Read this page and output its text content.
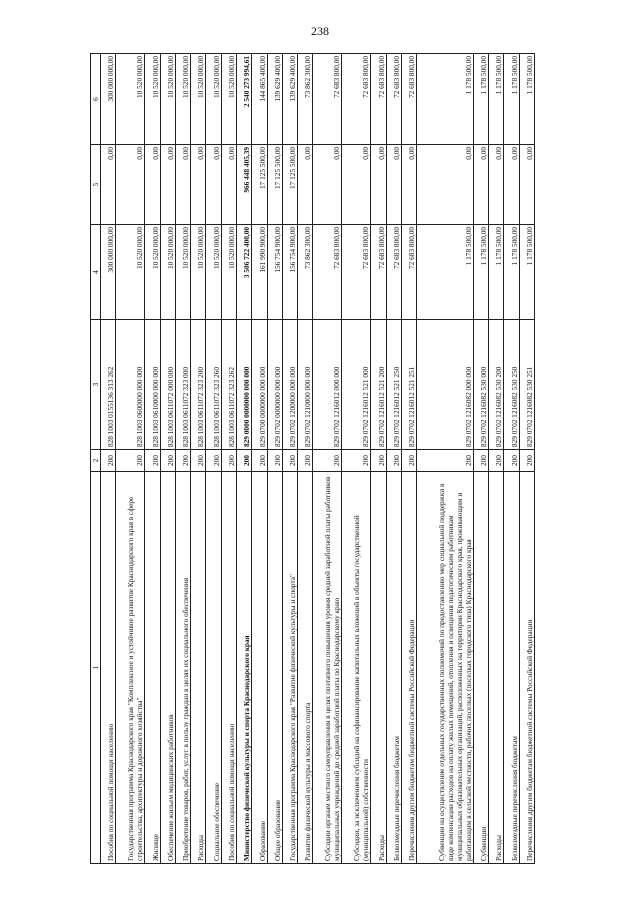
238
1	2	3	4	5	6
Пособия по социальной помощи населению	200	828 1003 0155136 313 262	300 000 000,00	0,00	300 000 000,00
Государственная программа Краснодарского края "Комплексное и устойчивое развитие Краснодарского края в сфере строительства, архитектуры и дорожного хозяйства"	200	828 1003 0600000 000 000	10 520 000,00	0,00	10 520 000,00
Жилище	200	828 1003 0610000 000 000	10 520 000,00	0,00	10 520 000,00
Обеспечение жильем медицинских работников	200	828 1003 0611072 000 000	10 520 000,00	0,00	10 520 000,00
Приобретение товаров, работ, услуг в пользу граждан в целях их социального обеспечения	200	828 1003 0611072 323 000	10 520 000,00	0,00	10 520 000,00
Расходы	200	828 1003 0611072 323 200	10 520 000,00	0,00	10 520 000,00
Социальное обеспечение	200	828 1003 0611072 323 260	10 520 000,00	0,00	10 520 000,00
Пособия по социальной помощи населению	200	828 1003 0611072 323 262	10 520 000,00	0,00	10 520 000,00
Министерство физической культуры и спорта Краснодарского края	200	829 0000 0000000 000 000	3 506 722 400,00	966 448 405,39	2 540 273 994,61
Образование	200	829 0700 0000000 000 000	161 990 900,00	17 125 500,00	144 865 400,00
Общее образование	200	829 0702 0000000 000 000	156 754 900,00	17 125 500,00	139 629 400,00
Государственная программа Краснодарского края "Развитие физической культуры и спорта"	200	829 0702 1200000 000 000	156 754 900,00	17 125 500,00	139 629 400,00
Развитие физической культуры и массового спорта	200	829 0702 1210000 000 000	73 862 300,00	0,00	73 862 300,00
Субсидии органам местного самоуправления в целях поэтапного повышения уровня средней заработной платы работников муниципальных учреждений до средней заработной платы по Краснодарскому краю	200	829 0702 1216012 000 000	72 683 800,00	0,00	72 683 800,00
Субсидии, за исключением субсидий на софинансирование капитальных вложений в объекты государственной (муниципальной) собственности	200	829 0702 1216012 521 000	72 683 800,00	0,00	72 683 800,00
Расходы	200	829 0702 1216012 521 200	72 683 800,00	0,00	72 683 800,00
Безвозмездные перечисления бюджетам	200	829 0702 1216012 521 250	72 683 800,00	0,00	72 683 800,00
Перечисления другим бюджетам бюджетной системы Российской Федерации	200	829 0702 1216012 521 251	72 683 800,00	0,00	72 683 800,00
Субвенции на осуществление отдельных государственных полномочий по предоставлению мер социальной поддержки в виде компенсации расходов на оплату жилых помещений, отопления и освещения педагогическим работникам муниципальных образовательных организаций, расположенных на территории Краснодарского края, проживающим и работающим в сельской местности, рабочих поселках (поселках городского типа) Краснодарского края	200	829 0702 1216082 000 000	1 178 500,00	0,00	1 178 500,00
Субвенции	200	829 0702 1216082 530 000	1 178 500,00	0,00	1 178 500,00
Расходы	200	829 0702 1216082 530 200	1 178 500,00	0,00	1 178 500,00
Безвозмездные перечисления бюджетам	200	829 0702 1216082 530 250	1 178 500,00	0,00	1 178 500,00
Перечисления другим бюджетам бюджетной системы Российской Федерации	200	829 0702 1216082 530 251	1 178 500,00	0,00	1 178 500,00
